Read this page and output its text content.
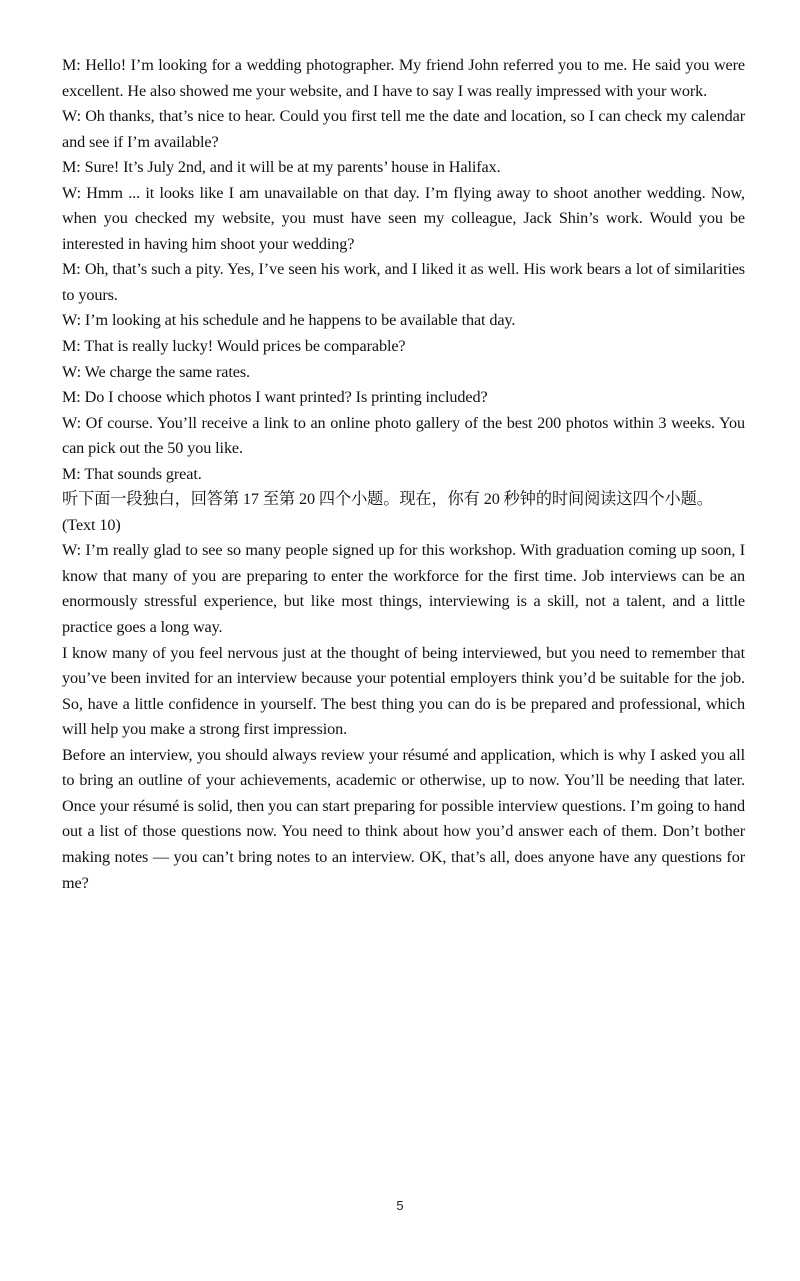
M: Hello! I’m looking for a wedding photographer. My friend John referred you to me. He said you were excellent. He also showed me your website, and I have to say I was really impressed with your work.

W: Oh thanks, that’s nice to hear. Could you first tell me the date and location, so I can check my calendar and see if I’m available?

M: Sure! It’s July 2nd, and it will be at my parents’ house in Halifax.

W: Hmm ... it looks like I am unavailable on that day. I’m flying away to shoot another wedding. Now, when you checked my website, you must have seen my colleague, Jack Shin’s work. Would you be interested in having him shoot your wedding?

M: Oh, that’s such a pity. Yes, I’ve seen his work, and I liked it as well. His work bears a lot of similarities to yours.

W: I’m looking at his schedule and he happens to be available that day.

M: That is really lucky! Would prices be comparable?

W: We charge the same rates.

M: Do I choose which photos I want printed? Is printing included?

W: Of course. You’ll receive a link to an online photo gallery of the best 200 photos within 3 weeks. You can pick out the 50 you like.

M: That sounds great.

听下面一段独白，回答第 17 至第 20 四个小题。现在，你有 20 秒钟的时间阅读这四个小题。

(Text 10)

W: I’m really glad to see so many people signed up for this workshop. With graduation coming up soon, I know that many of you are preparing to enter the workforce for the first time. Job interviews can be an enormously stressful experience, but like most things, interviewing is a skill, not a talent, and a little practice goes a long way.

I know many of you feel nervous just at the thought of being interviewed, but you need to remember that you’ve been invited for an interview because your potential employers think you’d be suitable for the job. So, have a little confidence in yourself. The best thing you can do is be prepared and professional, which will help you make a strong first impression.

Before an interview, you should always review your résumé and application, which is why I asked you all to bring an outline of your achievements, academic or otherwise, up to now. You’ll be needing that later. Once your résumé is solid, then you can start preparing for possible interview questions. I’m going to hand out a list of those questions now. You need to think about how you’d answer each of them. Don’t bother making notes — you can’t bring notes to an interview. OK, that’s all, does anyone have any questions for me?

5
